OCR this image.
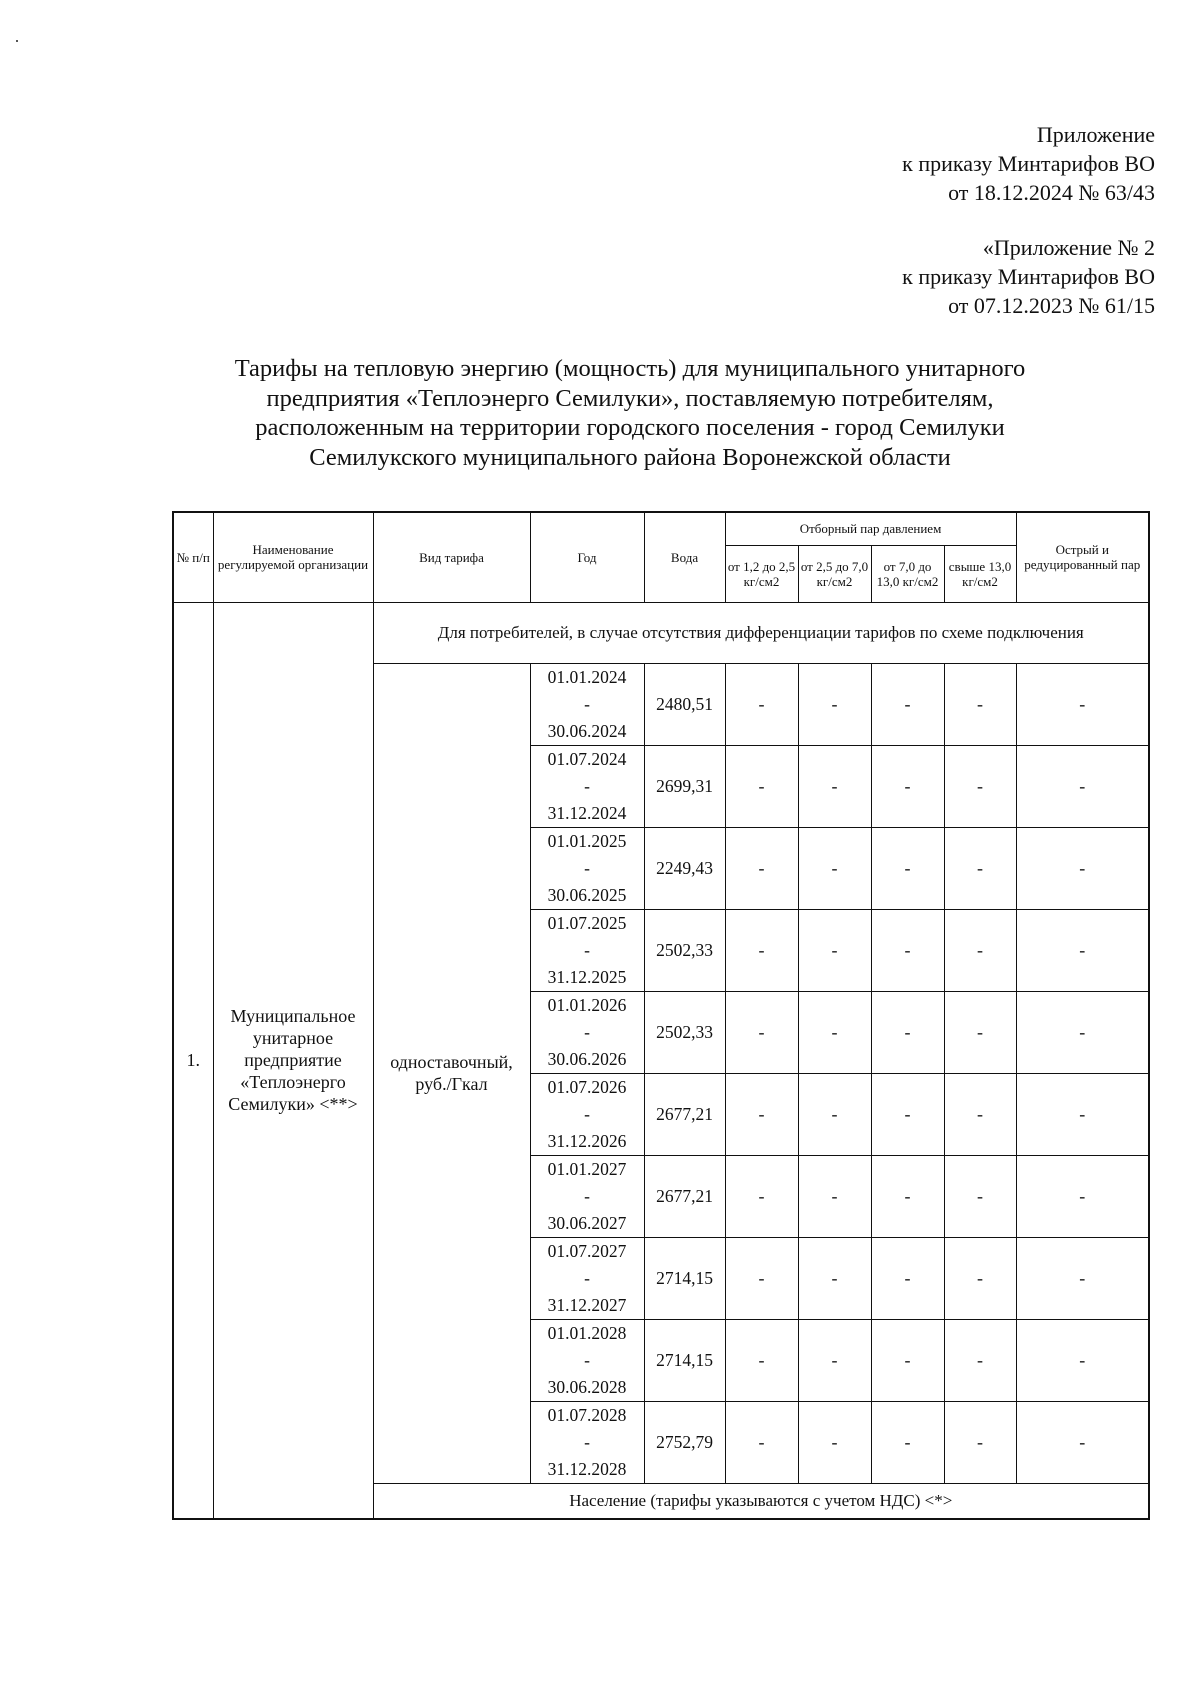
Приложение
к приказу Минтарифов ВО
от 18.12.2024 № 63/43
«Приложение № 2
к приказу Минтарифов ВО
от 07.12.2023 № 61/15
Тарифы на тепловую энергию (мощность) для муниципального унитарного
предприятия «Теплоэнерго Семилуки», поставляемую потребителям,
расположенным на территории городского поселения - город Семилуки
Семилукского муниципального района Воронежской области
№ п/п	Наименование регулируемой организации	Вид тарифа	Год	Вода	Отборный пар давлением				Острый и редуцированный пар
					от 1,2 до 2,5 кг/см2	от 2,5 до 7,0 кг/см2	от 7,0 до 13,0 кг/см2	свыше 13,0 кг/см2	
1.	Муниципальное унитарное предприятие «Теплоэнерго Семилуки» <**>	Для потребителей, в случае отсутствия дифференциации тарифов по схеме подключения							
		одноставочный, руб./Гкал	01.01.2024
-
30.06.2024	2480,51	-	-	-	-	-

			01.07.2024
-
31.12.2024	2699,31	-	-	-	-	-

			01.01.2025
-
30.06.2025	2249,43	-	-	-	-	-

			01.07.2025
-
31.12.2025	2502,33	-	-	-	-	-

			01.01.2026
-
30.06.2026	2502,33	-	-	-	-	-

			01.07.2026
-
31.12.2026	2677,21	-	-	-	-	-

			01.01.2027
-
30.06.2027	2677,21	-	-	-	-	-

			01.07.2027
-
31.12.2027	2714,15	-	-	-	-	-

			01.01.2028
-
30.06.2028	2714,15	-	-	-	-	-

			01.07.2028
-
31.12.2028	2752,79	-	-	-	-	-
		Население (тарифы указываются с учетом НДС) <*>							
